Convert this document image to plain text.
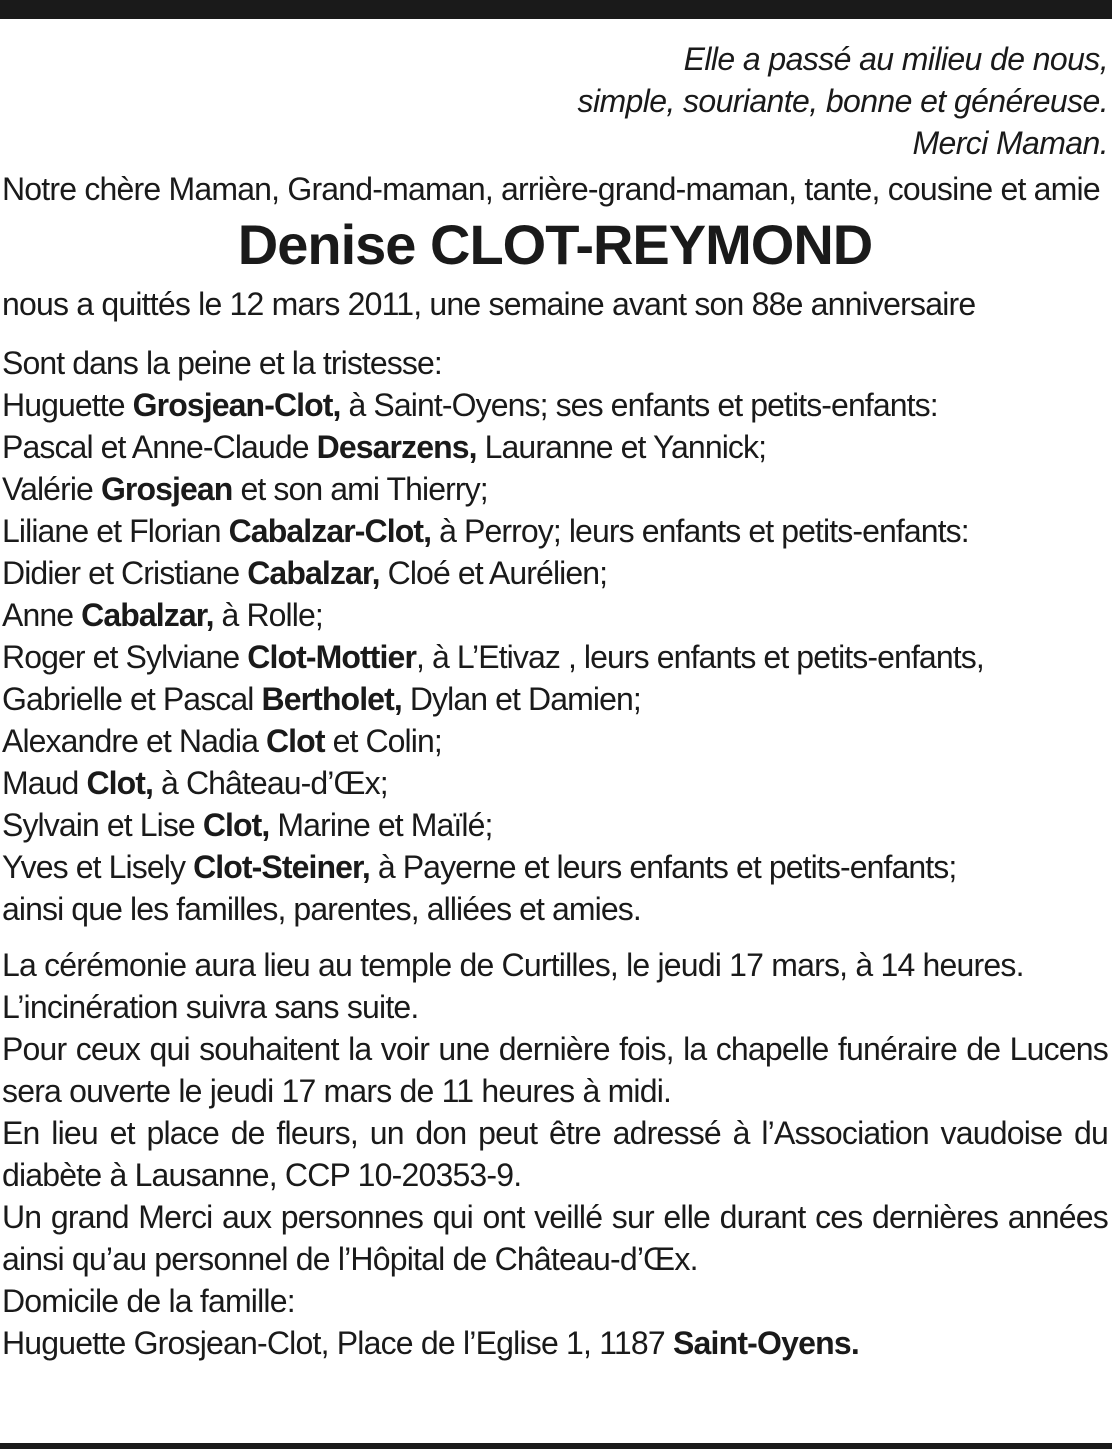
Elle a passé au milieu de nous,
simple, souriante, bonne et généreuse.
Merci Maman.
Notre chère Maman, Grand-maman, arrière-grand-maman, tante, cousine et amie
Denise CLOT-REYMOND
nous a quittés le 12 mars 2011, une semaine avant son 88e anniversaire
Sont dans la peine et la tristesse:
Huguette Grosjean-Clot, à Saint-Oyens; ses enfants et petits-enfants:
Pascal et Anne-Claude Desarzens, Lauranne et Yannick;
Valérie Grosjean et son ami Thierry;
Liliane et Florian Cabalzar-Clot, à Perroy; leurs enfants et petits-enfants:
Didier et Cristiane Cabalzar, Cloé et Aurélien;
Anne Cabalzar, à Rolle;
Roger et Sylviane Clot-Mottier, à L’Etivaz , leurs enfants et petits-enfants,
Gabrielle et Pascal Bertholet, Dylan et Damien;
Alexandre et Nadia Clot et Colin;
Maud Clot, à Château-d’Œx;
Sylvain et Lise Clot, Marine et Maïlé;
Yves et Lisely Clot-Steiner, à Payerne et leurs enfants et petits-enfants;
ainsi que les familles, parentes, alliées et amies.
La cérémonie aura lieu au temple de Curtilles, le jeudi 17 mars, à 14 heures.
L’incinération suivra sans suite.
Pour ceux qui souhaitent la voir une dernière fois, la chapelle funéraire de Lucens sera ouverte le jeudi 17 mars de 11 heures à midi.
En lieu et place de fleurs, un don peut être adressé à l’Association vaudoise du diabète à Lausanne, CCP 10-20353-9.
Un grand Merci aux personnes qui ont veillé sur elle durant ces dernières années ainsi qu’au personnel de l’Hôpital de Château-d’Œx.
Domicile de la famille:
Huguette Grosjean-Clot, Place de l’Eglise 1, 1187 Saint-Oyens.
